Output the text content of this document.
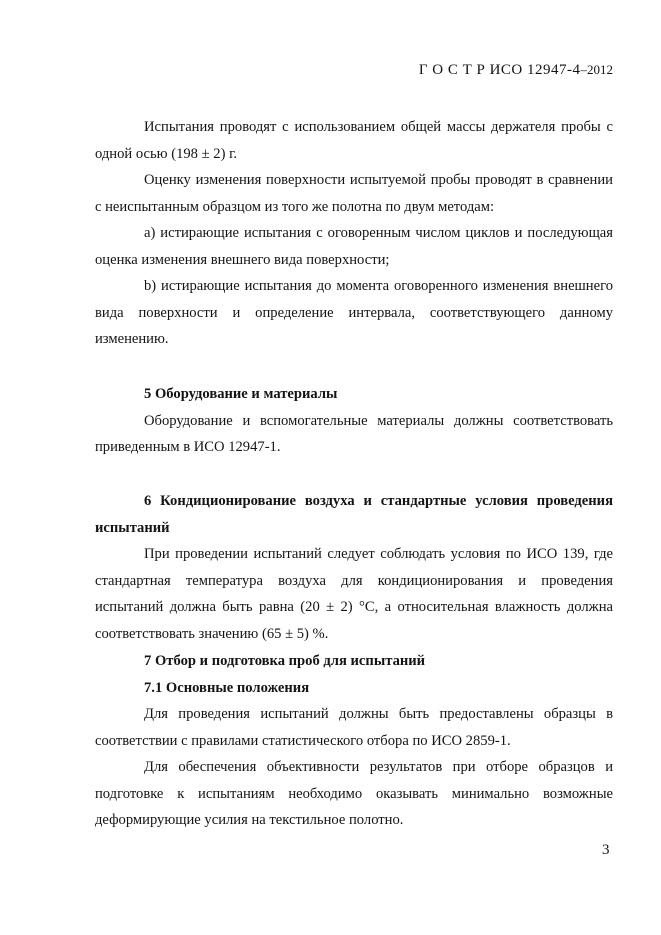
Г О С Т Р ИСО 12947-4–2012

Испытания проводят с использованием общей массы держателя пробы с одной осью (198 ± 2) г.

Оценку изменения поверхности испытуемой пробы проводят в сравнении с неиспытанным образцом из того же полотна по двум методам:

а) истирающие испытания с оговоренным числом циклов и последующая оценка изменения внешнего вида поверхности;

b) истирающие испытания до момента оговоренного изменения внешнего вида поверхности и определение интервала, соответствующего данному изменению.

5 Оборудование и материалы

Оборудование и вспомогательные материалы должны соответствовать приведенным в ИСО 12947-1.

6 Кондиционирование воздуха и стандартные условия проведения испытаний

При проведении испытаний следует соблюдать условия по ИСО 139, где стандартная температура воздуха для кондиционирования и проведения испытаний должна быть равна (20 ± 2) °С, а относительная влажность должна соответствовать значению (65 ± 5) %.

7 Отбор и подготовка проб для испытаний

7.1 Основные положения

Для проведения испытаний должны быть предоставлены образцы в соответствии с правилами статистического отбора по ИСО 2859-1.

Для обеспечения объективности результатов при отборе образцов и подготовке к испытаниям необходимо оказывать минимально возможные деформирующие усилия на текстильное полотно.

3
